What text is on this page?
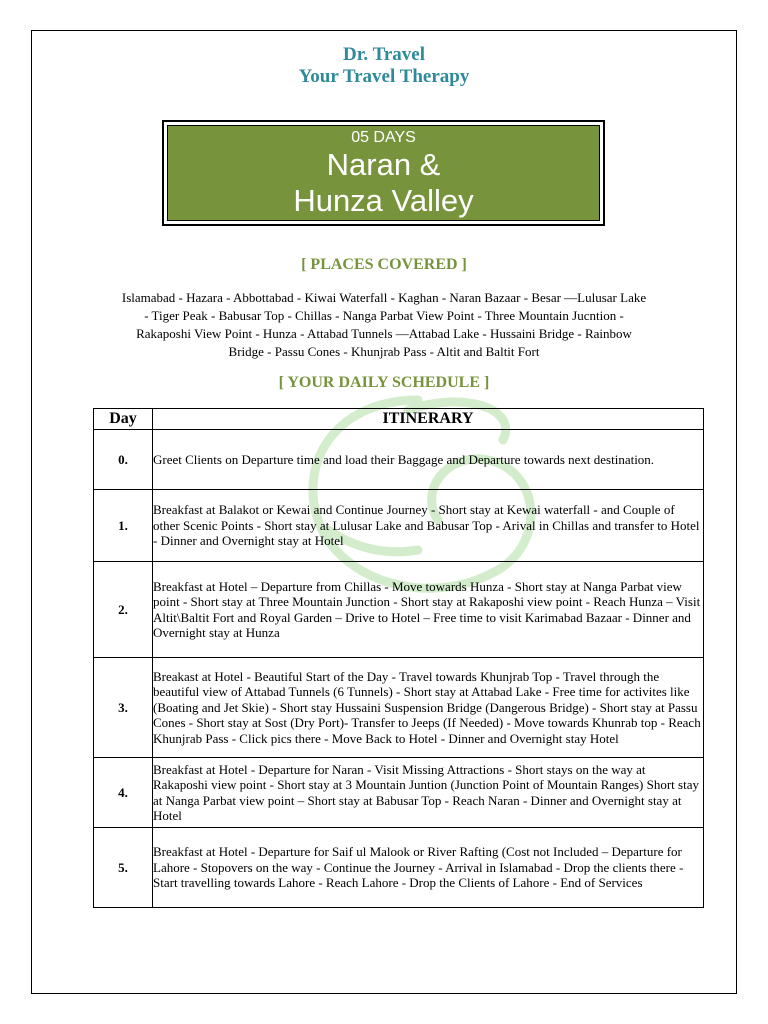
Dr. Travel
Your Travel Therapy
05 DAYS
Naran &
Hunza Valley
[ PLACES COVERED ]
Islamabad - Hazara - Abbottabad - Kiwai Waterfall - Kaghan - Naran Bazaar - Besar —Lulusar Lake
- Tiger Peak - Babusar Top - Chillas - Nanga Parbat View Point - Three Mountain Jucntion -
Rakaposhi View Point - Hunza - Attabad Tunnels —Attabad Lake - Hussaini Bridge - Rainbow
Bridge - Passu Cones - Khunjrab Pass - Altit and Baltit Fort
[ YOUR DAILY SCHEDULE ]
Day	ITINERARY
0.	Greet Clients on Departure time and load their Baggage and Departure towards next destination.
1.	Breakfast at Balakot or Kewai and Continue Journey - Short stay at Kewai waterfall - and Couple of other Scenic Points - Short stay at Lulusar Lake and Babusar Top - Arival in Chillas and transfer to Hotel - Dinner and Overnight stay at Hotel
2.	Breakfast at Hotel – Departure from Chillas - Move towards Hunza - Short stay at Nanga Parbat view point - Short stay at Three Mountain Junction - Short stay at Rakaposhi view point - Reach Hunza – Visit Altit\Baltit Fort and Royal Garden – Drive to Hotel – Free time to visit Karimabad Bazaar - Dinner and Overnight stay at Hunza
3.	Breakast at Hotel - Beautiful Start of the Day - Travel towards Khunjrab Top - Travel through the beautiful view of Attabad Tunnels (6 Tunnels) - Short stay at Attabad Lake - Free time for activites like (Boating and Jet Skie) - Short stay Hussaini Suspension Bridge (Dangerous Bridge) - Short stay at Passu Cones - Short stay at Sost (Dry Port)- Transfer to Jeeps (If Needed) - Move towards Khunrab top - Reach Khunjrab Pass - Click pics there - Move Back to Hotel - Dinner and Overnight stay Hotel
4.	Breakfast at Hotel - Departure for Naran - Visit Missing Attractions - Short stays on the way at Rakaposhi view point - Short stay at 3 Mountain Juntion (Junction Point of Mountain Ranges) Short stay at Nanga Parbat view point – Short stay at Babusar Top - Reach Naran - Dinner and Overnight stay at Hotel
5.	Breakfast at Hotel - Departure for Saif ul Malook or River Rafting (Cost not Included – Departure for Lahore - Stopovers on the way - Continue the Journey - Arrival in Islamabad - Drop the clients there - Start travelling towards Lahore - Reach Lahore - Drop the Clients of Lahore - End of Services
